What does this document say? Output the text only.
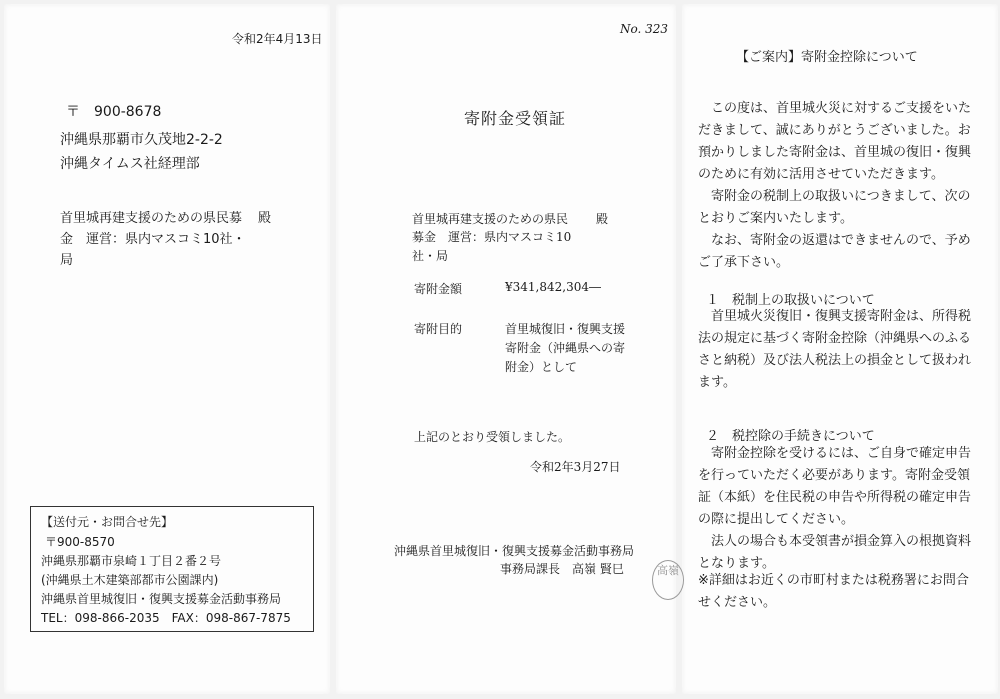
令和2年4月13日
〒　900-8678
沖縄県那覇市久茂地2-2-2
沖縄タイムス社経理部
首里城再建支援のための県民募 殿
金　運営：県内マスコミ10社・
局
【送付元・お問合せ先】
〒900-8570
沖縄県那覇市泉崎１丁目２番２号
(沖縄県土木建築部都市公園課内)
沖縄県首里城復旧・復興支援募金活動事務局
TEL：098-866-2035　FAX：098-867-7875
No. 323
寄附金受領証
首里城再建支援のための県民 殿
募金　運営：県内マスコミ10
社・局
寄附金額	¥341,842,304―
寄附目的	首里城復旧・復興支援
寄附金（沖縄県への寄
附金）として
上記のとおり受領しました。
令和2年3月27日
沖縄県首里城復旧・復興支援募金活動事務局
事務局課長　高嶺 賢巳	高嶺
【ご案内】寄附金控除について
　この度は、首里城火災に対するご支援をいた
だきまして、誠にありがとうございました。お
預かりしました寄附金は、首里城の復旧・復興
のために有効に活用させていただきます。
　寄附金の税制上の取扱いにつきまして、次の
とおりご案内いたします。
　なお、寄附金の返還はできませんので、予め
ご了承下さい。
１　税制上の取扱いについて
　首里城火災復旧・復興支援寄附金は、所得税
法の規定に基づく寄附金控除（沖縄県へのふる
さと納税）及び法人税法上の損金として扱われ
ます。
２　税控除の手続きについて
　寄附金控除を受けるには、ご自身で確定申告
を行っていただく必要があります。寄附金受領
証（本紙）を住民税の申告や所得税の確定申告
の際に提出してください。
　法人の場合も本受領書が損金算入の根拠資料
となります。
※詳細はお近くの市町村または税務署にお問合
せください。
